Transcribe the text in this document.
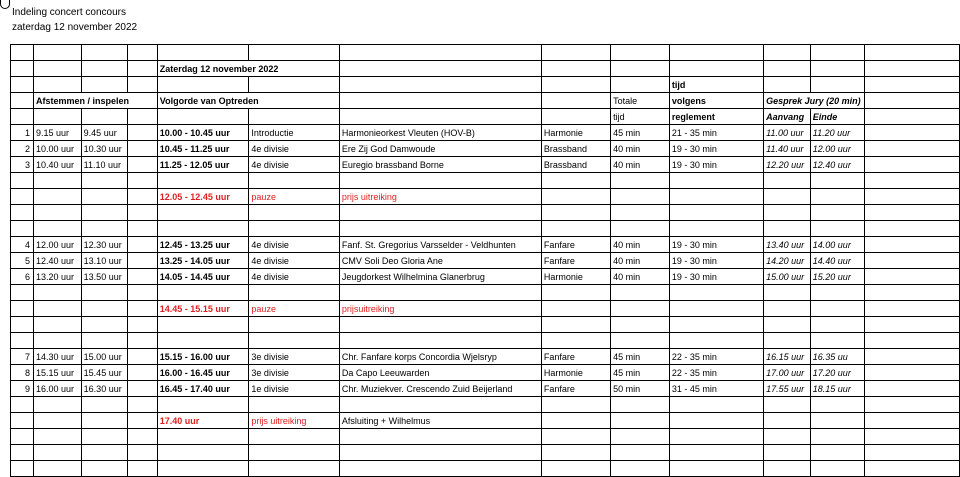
Indeling concert concours
zaterdag 12 november 2022

				Zaterdag 12 november 2022								
									tijd			
	Afstemmen / inspelen			Volgorde van Optreden				Totale	volgens	Gesprek Jury (20 min)		
								tijd	reglement	Aanvang	Einde	
1	9.15 uur	9.45 uur		10.00 - 10.45 uur	Introductie	Harmonieorkest Vleuten (HOV-B)	Harmonie	45 min	21 - 35 min	11.00 uur	11.20 uur	
2	10.00 uur	10.30 uur		10.45 - 11.25 uur	4e divisie	Ere Zij God Damwoude	Brassband	40 min	19 - 30 min	11.40 uur	12.00 uur	
3	10.40 uur	11.10 uur		11.25 - 12.05 uur	4e divisie	Euregio brassband Borne	Brassband	40 min	19 - 30 min	12.20 uur	12.40 uur	

				12.05 - 12.45 uur	pauze	prijs uitreiking						

4	12.00 uur	12.30 uur		12.45 - 13.25 uur	4e divisie	Fanf. St. Gregorius Varsselder - Veldhunten	Fanfare	40 min	19 - 30 min	13.40 uur	14.00 uur	
5	12.40 uur	13.10 uur		13.25 - 14.05 uur	4e divisie	CMV Soli Deo Gloria Ane	Fanfare	40 min	19 - 30 min	14.20 uur	14.40 uur	
6	13.20 uur	13.50 uur		14.05 - 14.45 uur	4e divisie	Jeugdorkest Wilhelmina Glanerbrug	Harmonie	40 min	19 - 30 min	15.00 uur	15.20 uur	

				14.45 - 15.15 uur	pauze	prijsuitreiking						

7	14.30 uur	15.00 uur		15.15 - 16.00 uur	3e divisie	Chr. Fanfare korps Concordia Wjelsryp	Fanfare	45 min	22 - 35 min	16.15 uur	16.35 uu	
8	15.15 uur	15.45 uur		16.00 - 16.45 uur	3e divisie	Da Capo Leeuwarden	Harmonie	45 min	22 - 35 min	17.00 uur	17.20 uur	
9	16.00 uur	16.30 uur		16.45 - 17.40 uur	1e divisie	Chr. Muziekver. Crescendo Zuid Beijerland	Fanfare	50 min	31 - 45 min	17.55 uur	18.15 uur	

				17.40 uur	prijs uitreiking	Afsluiting + Wilhelmus						
